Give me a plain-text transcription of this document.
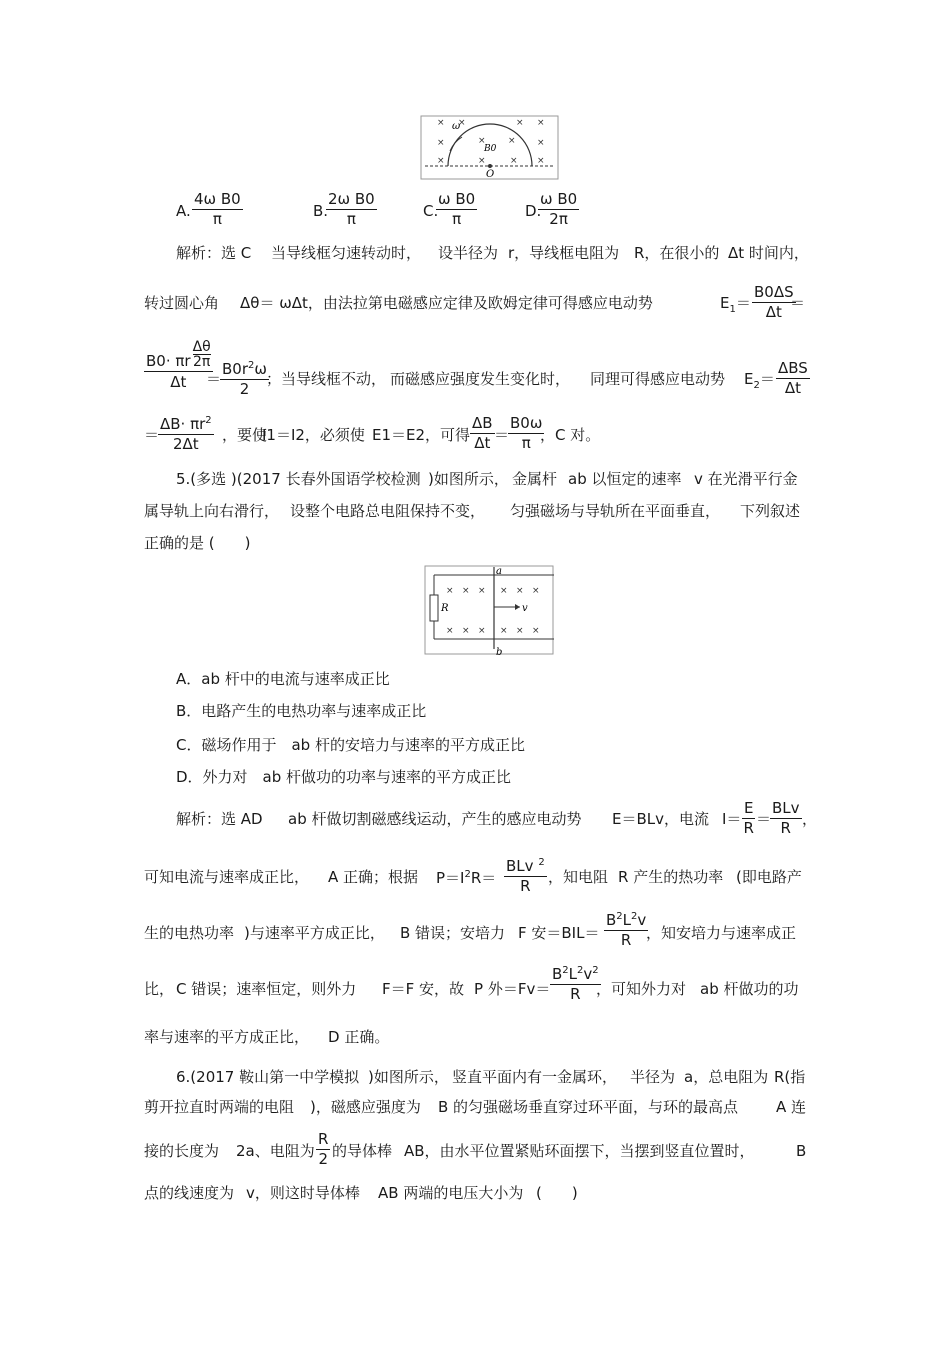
× ×	× ×
×	×
×	×
×	×
× ×
ω
B0
O
A. $\frac{\text{4ω B0}}{\pi}$	B.
$\frac{\text{2ω B0}}{\pi}$	C.
$\frac{\text{ω B0}}{\pi}$	D.
$\frac{\text{ω B0}}{2\pi}$
解析：选 C 当导线框匀速转动时， 设半径为 r，导线框电阻为 R，在很小的 Δt 时间内，
转过圆心角 Δθ＝ ωΔt，由法拉第电磁感应定律及欧姆定律可得感应电动势	$E_1= \frac{B0\Delta S}{\Delta t}$
＝
B0· πr
Δθ
2π
Δt ＝
$\frac{B0r^2\omega}{2}$
；当导线框不动， 而磁感应强度发生变化时， 同理可得感应电动势 $E_2=$
ΔBS
Δt
＝
$\frac{\Delta B\cdot \pi r^2}{2\Delta t}$ ，要使
I1＝I2，必须使 E1＝E2，可得 $\frac{\Delta B}{\Delta t}$ ＝
$\frac{B0\omega}{\pi}$
，C 对。
5.(多选 )(2017 长春外国语学校检测 )如图所示， 金属杆 ab 以恒定的速率 v 在光滑平行金
属导轨上向右滑行， 设整个电路总电阻保持不变， 匀强磁场与导轨所在平面垂直， 下列叙述
正确的是 (　　)
× × × × × ×
× × × × × ×
a
b
R	v
A．ab 杆中的电流与速率成正比
B．电路产生的电热功率与速率成正比
C．磁场作用于　ab 杆的安培力与速率的平方成正比
D．外力对　ab 杆做功的功率与速率的平方成正比
解析：选 AD ab 杆做切割磁感线运动，产生的感应电动势 E＝BLv，电流 $I= \frac{E}{R}$ ＝
BLv
R ，
可知电流与速率成正比， A 正确；根据 $P=I^2R=$
BLv $^2$
R ，知电阻 R 产生的热功率 (即电路产
生的电热功率 )与速率平方成正比， B 错误；安培力 F 安$=BIL= \frac{B^2L^2v}{R}$
，知安培力与速率成正
比， C 错误；速率恒定，则外力 F＝F 安，故 P 外$=Fv= \frac{B^2L^2v^2}{R}$
，可知外力对 ab 杆做功的功
率与速率的平方成正比， D 正确。
6.(2017 鞍山第一中学模拟 )如图所示， 竖直平面内有一金属环， 半径为 a，总电阻为 R(指
剪开拉直时两端的电阻 )，磁感应强度为 B 的匀强磁场垂直穿过环平面，与环的最高点	A 连
接的长度为 2a、电阻为 $\frac{R}{2}$ 的导体棒 AB，由水平位置紧贴环面摆下，当摆到竖直位置时，	B
点的线速度为 v，则这时导体棒 AB 两端的电压大小为 (　　)
